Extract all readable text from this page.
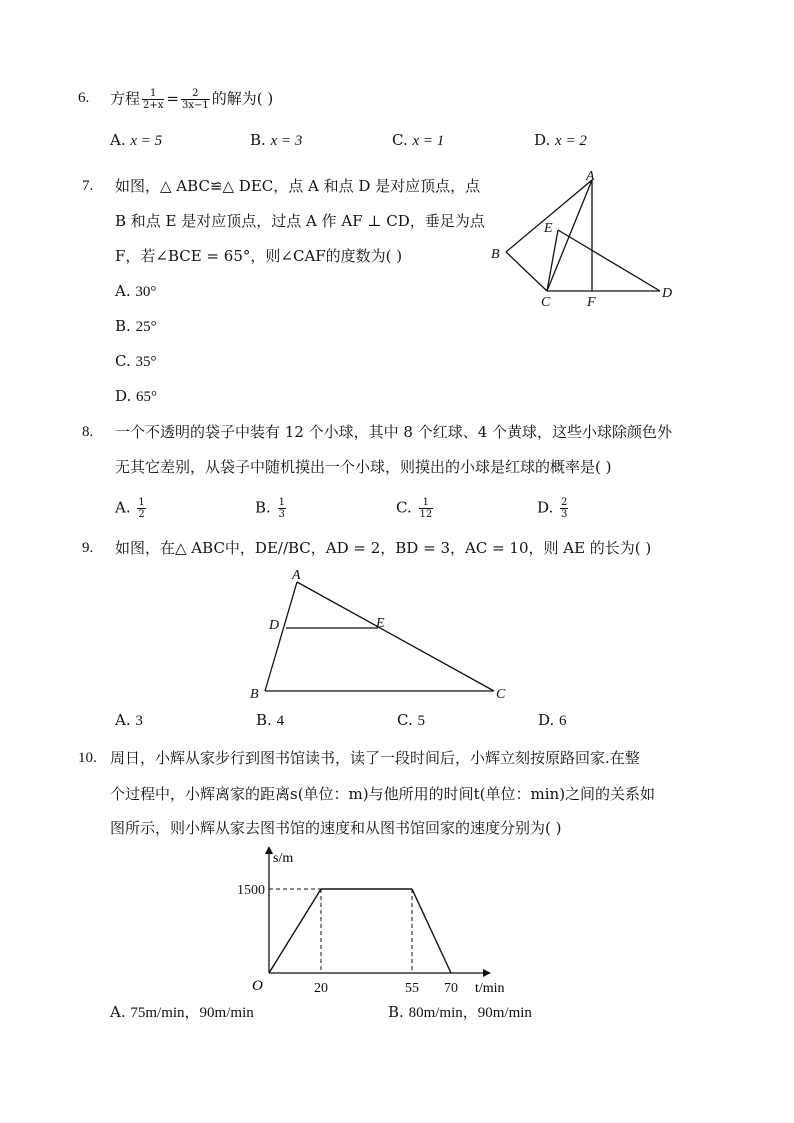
6. 方程 $\frac{1}{2+x} = \frac{2}{3x-1}$ 的解为( )
A. x = 5	B. x = 3	C. x = 1	D. x = 2
7. 如图，△ ABC≌△ DEC，点 A 和点 D 是对应顶点，点
B 和点 E 是对应顶点，过点 A 作 AF ⊥ CD，垂足为点
F，若∠BCE = 65°，则∠CAF的度数为( )
A. 30°
B. 25°
C. 35°
D. 65°
A
B
C
D
E
F
8. 一个不透明的袋子中装有 12 个小球，其中 8 个红球、4 个黄球，这些小球除颜色外
无其它差别，从袋子中随机摸出一个小球，则摸出的小球是红球的概率是( )
A. $\frac{1}{2}$	B. $\frac{1}{3}$	C. $\frac{1}{12}$	D. $\frac{2}{3}$
9. 如图，在△ ABC中，DE//BC，AD = 2，BD = 3，AC = 10，则 AE 的长为( )
A
B	C
D	E
A. 3	B. 4	C. 5	D. 6
10. 周日，小辉从家步行到图书馆读书，读了一段时间后，小辉立刻按原路回家.在整
个过程中，小辉离家的距离s(单位：m)与他所用的时间t(单位：min)之间的关系如
图所示，则小辉从家去图书馆的速度和从图书馆回家的速度分别为( )
s/m
t/min
O	20	55 70
1500
A. 75m/min，90m/min	B. 80m/min，90m/min
